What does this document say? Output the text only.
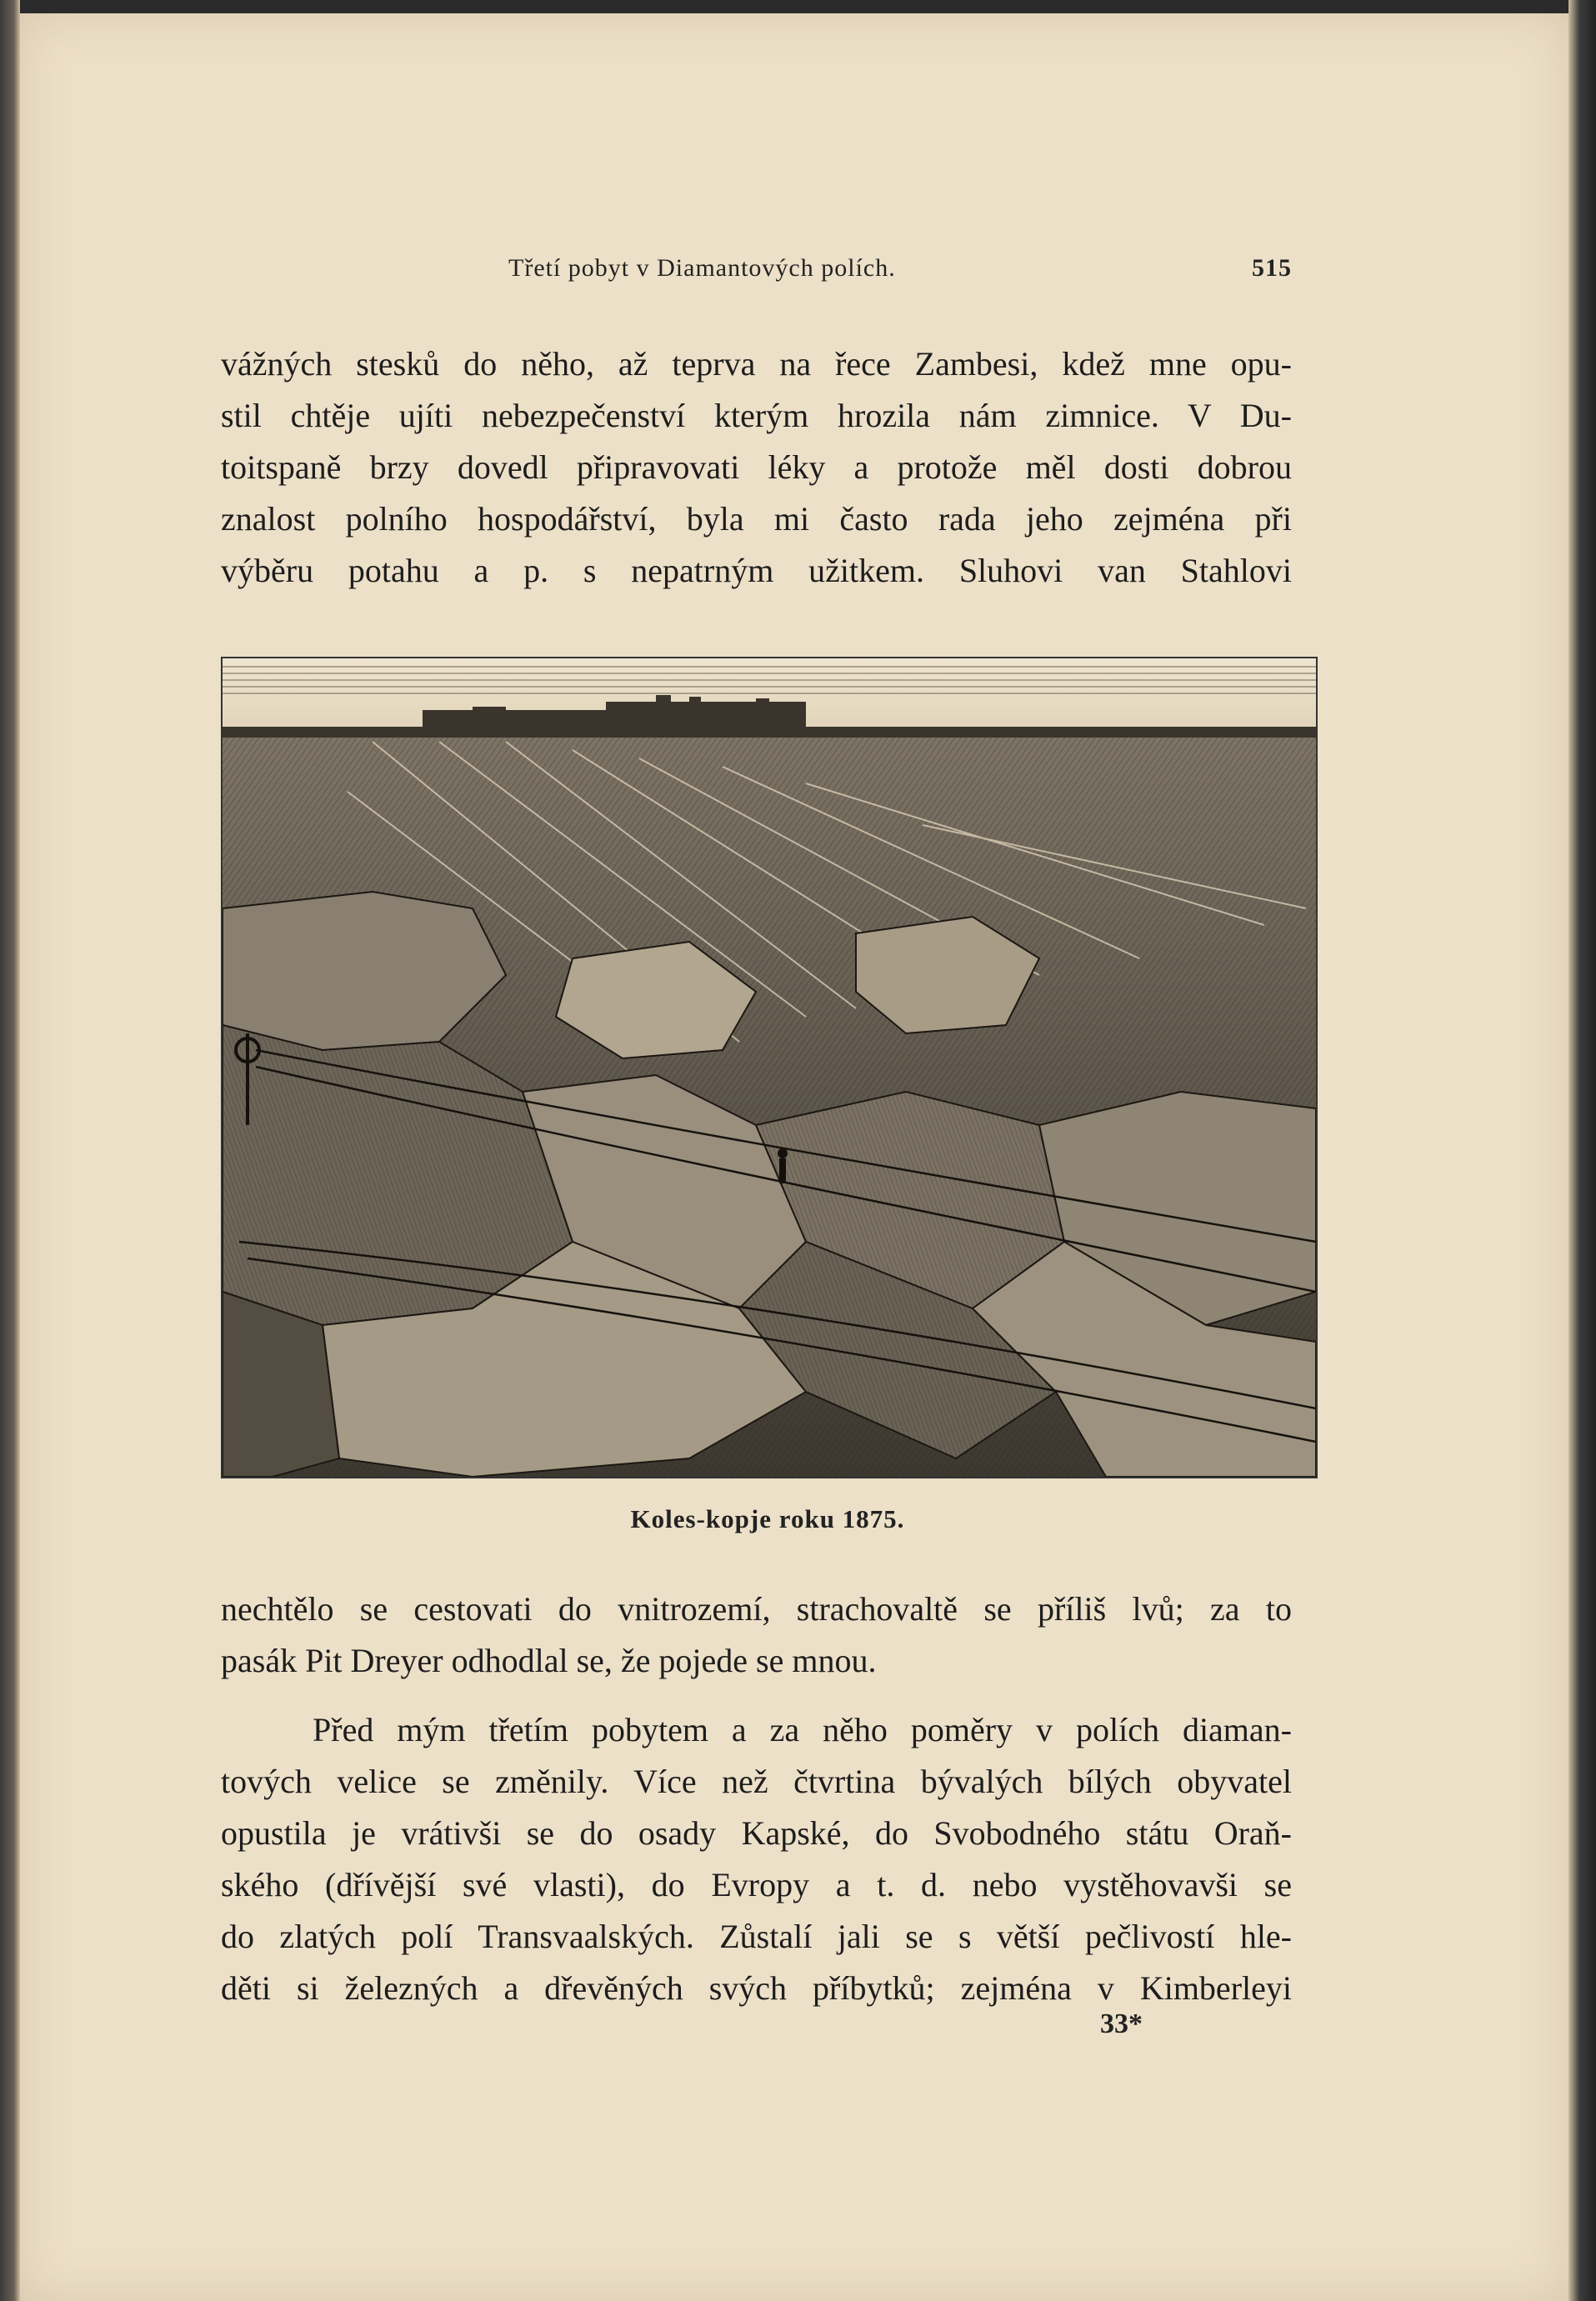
Třetí pobyt v Diamantových polích.	515
vážných stesků do něho, až teprva na řece Zambesi, kdež mne opu-
stil chtěje ujíti nebezpečenství kterým hrozila nám zimnice. V Du-
toitspaně brzy dovedl připravovati léky a protože měl dosti dobrou
znalost polního hospodářství, byla mi často rada jeho zejména při
výběru potahu a p. s nepatrným užitkem. Sluhovi van Stahlovi
Koles-kopje roku 1875.
nechtělo se cestovati do vnitrozemí, strachovaltě se příliš lvů; za to
pasák Pit Dreyer odhodlal se, že pojede se mnou.
Před mým třetím pobytem a za něho poměry v polích diaman-
tových velice se změnily. Více než čtvrtina bývalých bílých obyvatel
opustila je vrátivši se do osady Kapské, do Svobodného státu Oraň-
ského (dřívější své vlasti), do Evropy a t. d. nebo vystěhovavši se
do zlatých polí Transvaalských. Zůstalí jali se s větší pečlivostí hle-
děti si železných a dřevěných svých příbytků; zejména v Kimberleyi
33*
